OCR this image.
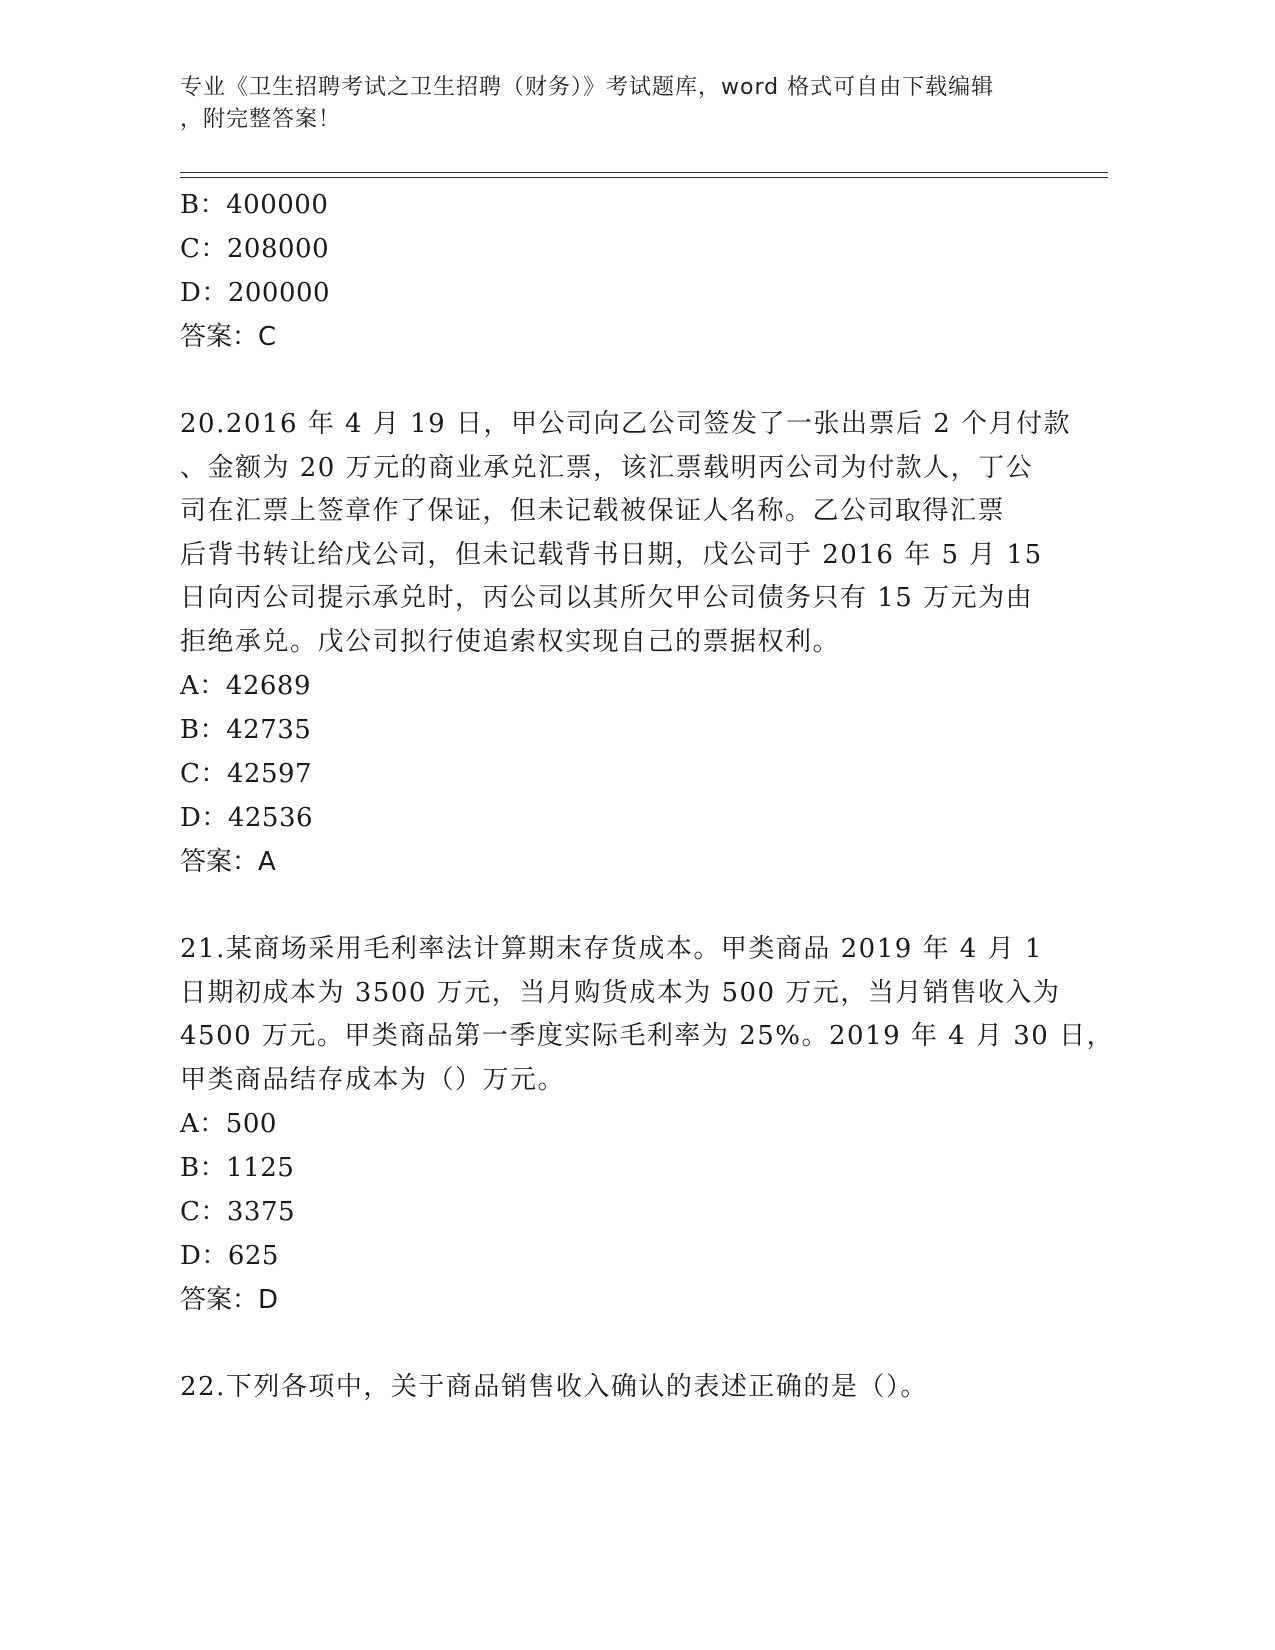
专业《卫生招聘考试之卫生招聘（财务）》考试题库，word 格式可自由下载编辑
，附完整答案！
B：400000
C：208000
D：200000
答案：C
20.2016 年 4 月 19 日，甲公司向乙公司签发了一张出票后 2 个月付款
、金额为 20 万元的商业承兑汇票，该汇票载明丙公司为付款人，丁公
司在汇票上签章作了保证，但未记载被保证人名称。乙公司取得汇票
后背书转让给戊公司，但未记载背书日期，戊公司于 2016 年 5 月 15
日向丙公司提示承兑时，丙公司以其所欠甲公司债务只有 15 万元为由
拒绝承兑。戊公司拟行使追索权实现自己的票据权利。
A：42689
B：42735
C：42597
D：42536
答案：A
21.某商场采用毛利率法计算期末存货成本。甲类商品 2019 年 4 月 1
日期初成本为 3500 万元，当月购货成本为 500 万元，当月销售收入为
4500 万元。甲类商品第一季度实际毛利率为 25%。2019 年 4 月 30 日，
甲类商品结存成本为（）万元。
A：500
B：1125
C：3375
D：625
答案：D
22.下列各项中，关于商品销售收入确认的表述正确的是（）。
